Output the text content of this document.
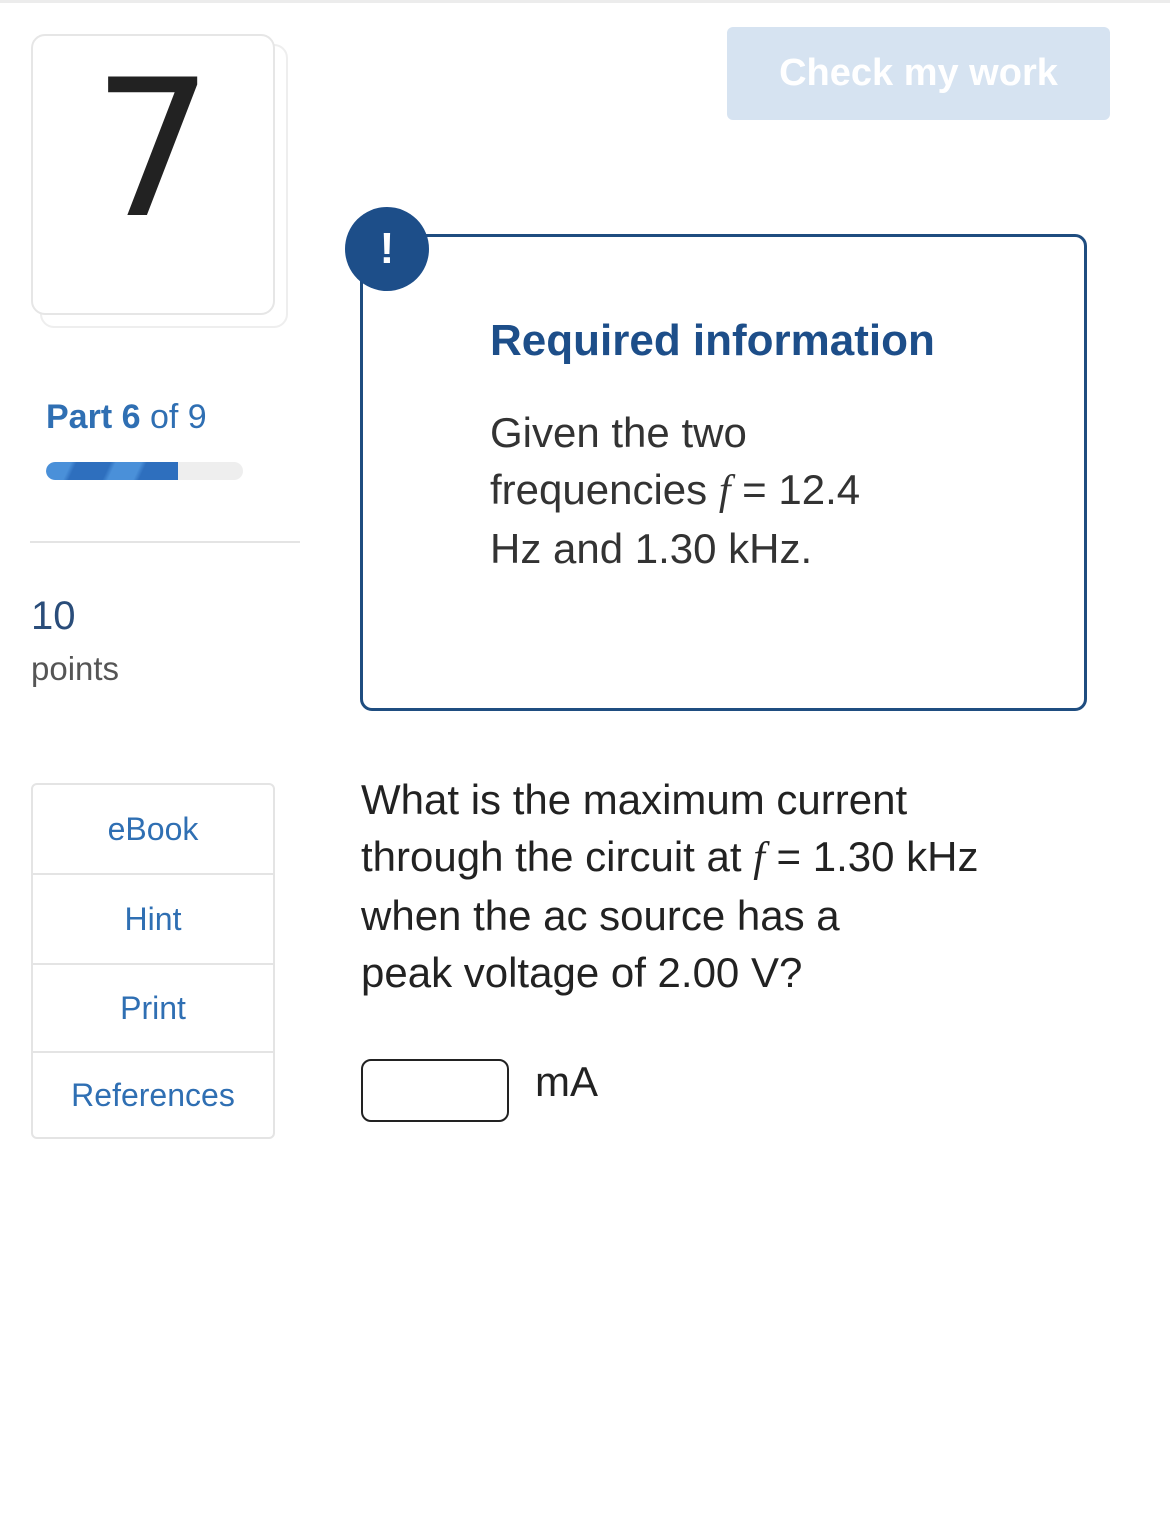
7
Part 6 of 9
10
points
eBook
Hint
Print
References
Check my work
!
Required information
Given the two
frequencies f = 12.4
Hz and 1.30 kHz.
What is the maximum current
through the circuit at f = 1.30 kHz
when the ac source has a
peak voltage of 2.00 V?
mA
